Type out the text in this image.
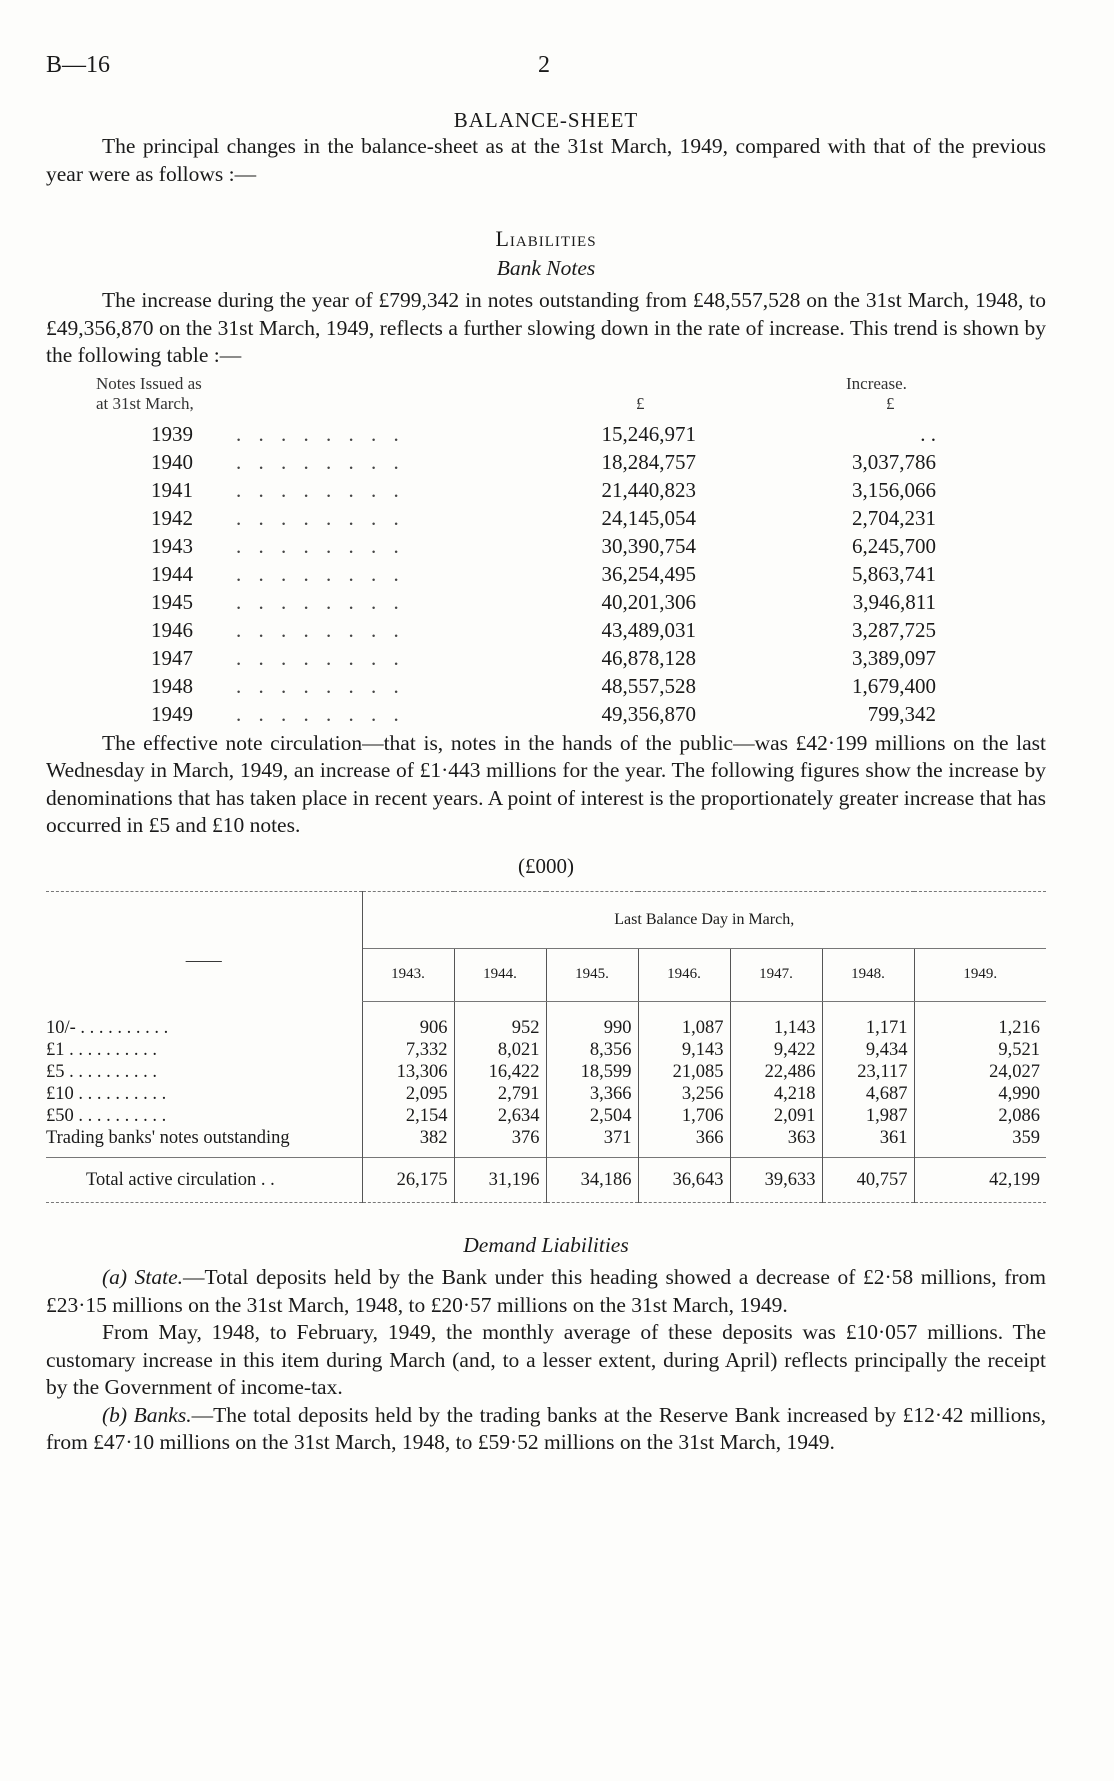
B—16	2
BALANCE-SHEET

The principal changes in the balance-sheet as at the 31st March, 1949, compared with that of the previous year were as follows :—

Liabilities
Bank Notes

The increase during the year of £799,342 in notes outstanding from £48,557,528 on the 31st March, 1948, to £49,356,870 on the 31st March, 1949, reflects a further slowing down in the rate of increase. This trend is shown by the following table :—

Notes Issued as
at 31st March,	£
Increase.
£
1939 . . . . . . . .	15,246,971	. .
1940 . . . . . . . .	18,284,757	3,037,786
1941 . . . . . . . .	21,440,823	3,156,066
1942 . . . . . . . .	24,145,054	2,704,231
1943 . . . . . . . .	30,390,754	6,245,700
1944 . . . . . . . .	36,254,495	5,863,741
1945 . . . . . . . .	40,201,306	3,946,811
1946 . . . . . . . .	43,489,031	3,287,725
1947 . . . . . . . .	46,878,128	3,389,097
1948 . . . . . . . .	48,557,528	1,679,400
1949 . . . . . . . .	49,356,870	799,342

The effective note circulation—that is, notes in the hands of the public—was £42·199 millions on the last Wednesday in March, 1949, an increase of £1·443 millions for the year. The following figures show the increase by denominations that has taken place in recent years. A point of interest is the proportionately greater increase that has occurred in £5 and £10 notes.

(£000)
——	Last Balance Day in March,						
	1943.	1944.	1945.	1946.	1947.	1948.	1949.

10/- . . . . . . . . . .	906	952	990	1,087	1,143	1,171	1,216
£1 . . . . . . . . . .	7,332	8,021	8,356	9,143	9,422	9,434	9,521
£5 . . . . . . . . . .	13,306	16,422	18,599	21,085	22,486	23,117	24,027
£10 . . . . . . . . . .	2,095	2,791	3,366	3,256	4,218	4,687	4,990
£50 . . . . . . . . . .	2,154	2,634	2,504	1,706	2,091	1,987	2,086
Trading banks' notes outstanding	382	376	371	366	363	361	359

Total active circulation . .	26,175	31,196	34,186	36,643	39,633	40,757	42,199
Demand Liabilities

(a) State.—Total deposits held by the Bank under this heading showed a decrease of £2·58 millions, from £23·15 millions on the 31st March, 1948, to £20·57 millions on the 31st March, 1949.

From May, 1948, to February, 1949, the monthly average of these deposits was £10·057 millions. The customary increase in this item during March (and, to a lesser extent, during April) reflects principally the receipt by the Government of income-tax.

(b) Banks.—The total deposits held by the trading banks at the Reserve Bank increased by £12·42 millions, from £47·10 millions on the 31st March, 1948, to £59·52 millions on the 31st March, 1949.
